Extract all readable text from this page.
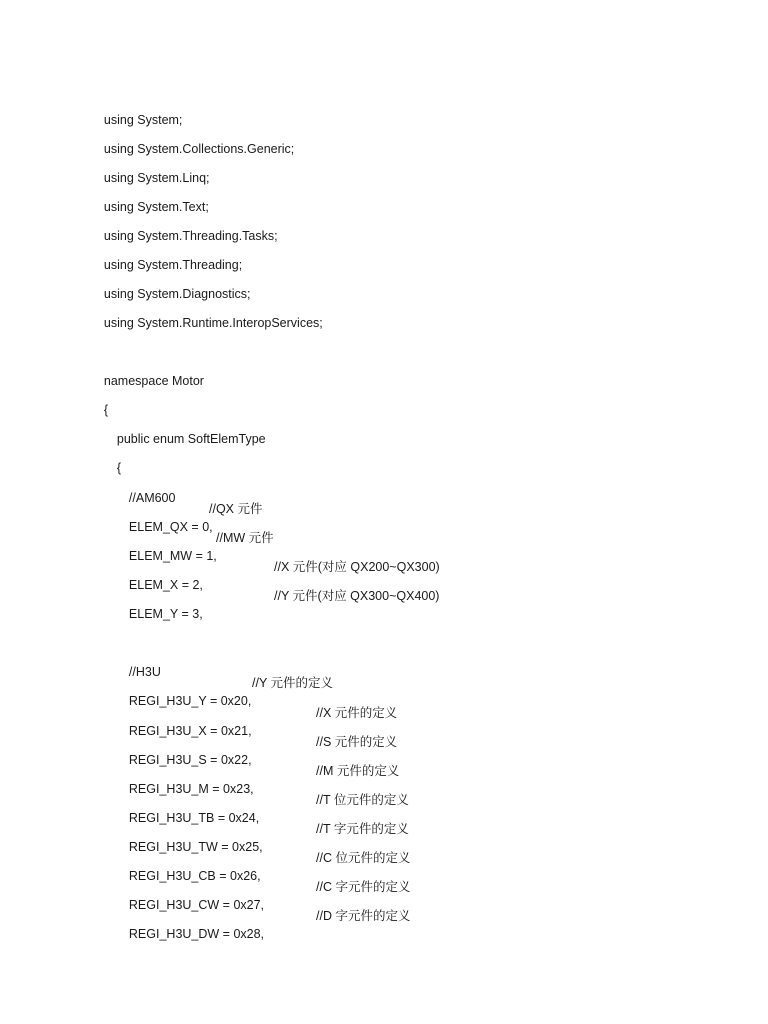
using System;

using System.Collections.Generic;

using System.Linq;

using System.Text;

using System.Threading.Tasks;

using System.Threading;

using System.Diagnostics;

using System.Runtime.InteropServices;

namespace Motor

{

public enum SoftElemType

{

//AM600

ELEM_QX = 0,

//QX 元件

ELEM_MW = 1,

//MW 元件

ELEM_X = 2,

//X 元件(对应 QX200~QX300)

ELEM_Y = 3,

//Y 元件(对应 QX300~QX400)

//H3U

REGI_H3U_Y = 0x20,

//Y 元件的定义

REGI_H3U_X = 0x21,

//X 元件的定义

REGI_H3U_S = 0x22,

//S 元件的定义

REGI_H3U_M = 0x23,

//M 元件的定义

REGI_H3U_TB = 0x24,

//T 位元件的定义

REGI_H3U_TW = 0x25,

//T 字元件的定义

REGI_H3U_CB = 0x26,

//C 位元件的定义

REGI_H3U_CW = 0x27,

//C 字元件的定义

REGI_H3U_DW = 0x28,

//D 字元件的定义
